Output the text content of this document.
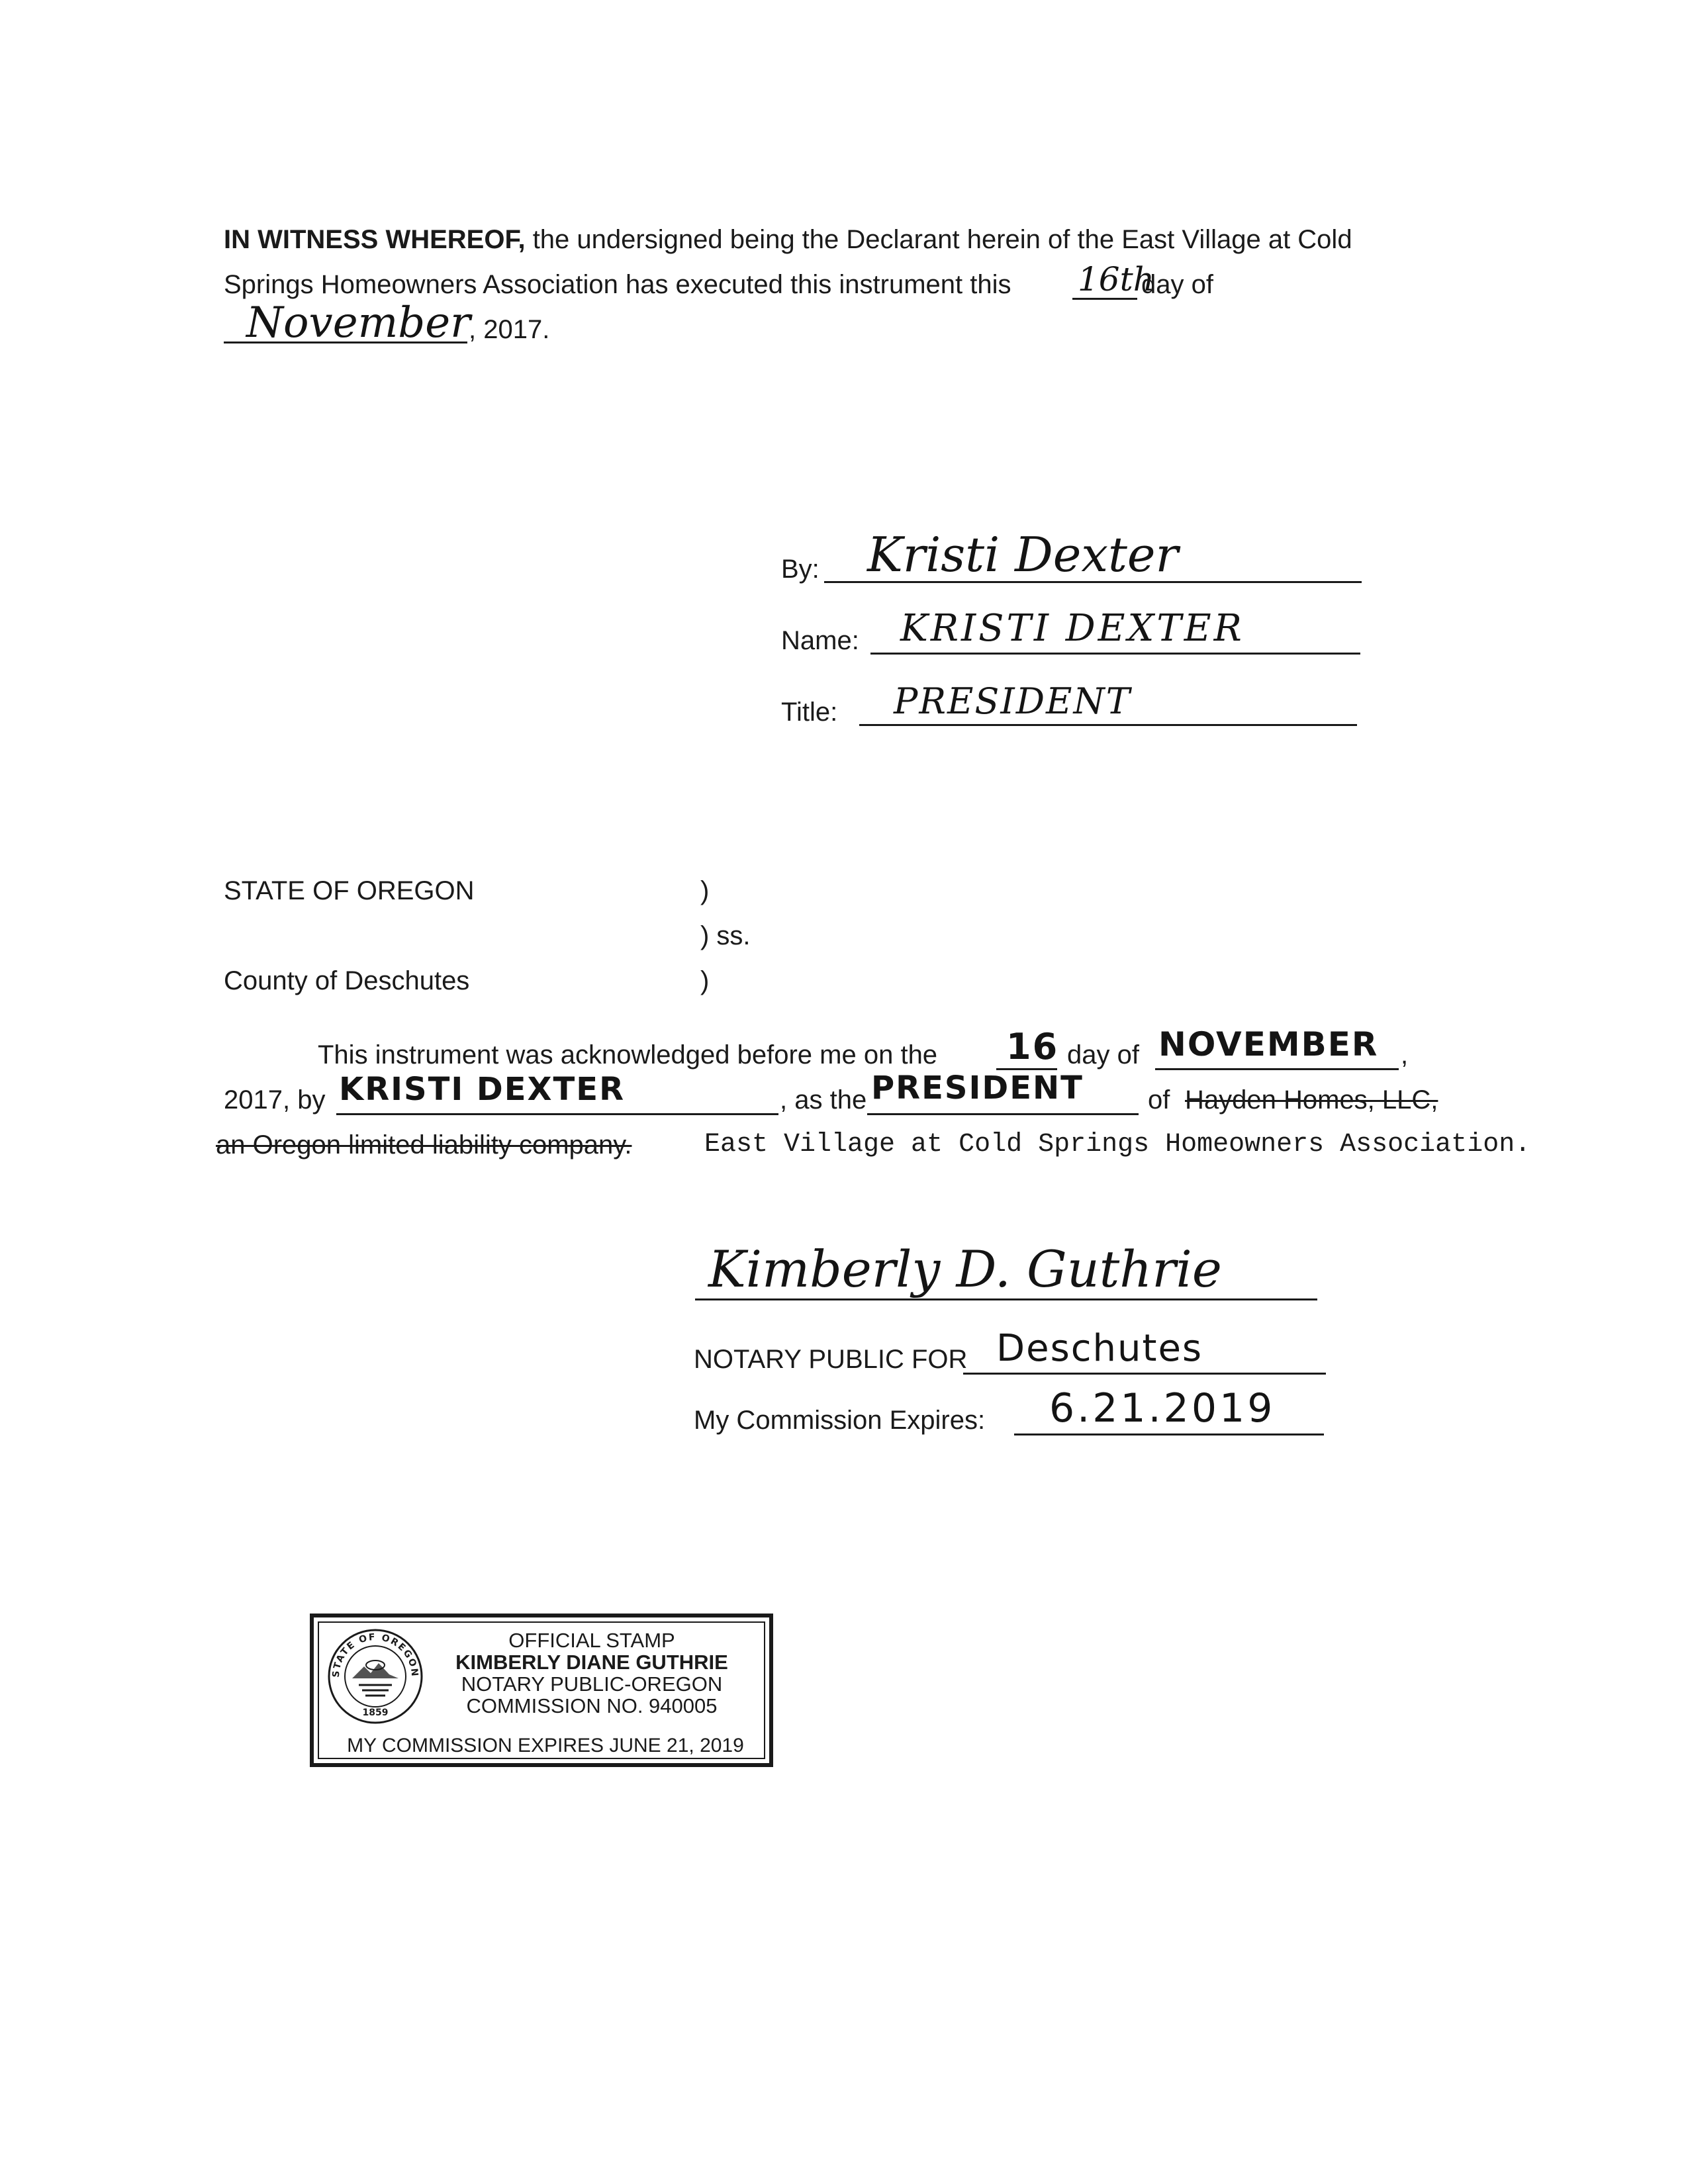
IN WITNESS WHEREOF, the undersigned being the Declarant herein of the East Village at Cold
Springs Homeowners Association has executed this instrument this 16th
day of
November
, 2017.
By: Kristi Dexter
Name: KRISTI DEXTER
Title: PRESIDENT
STATE OF OREGON	)
) ss.
County of Deschutes	)
This instrument was acknowledged before me on the 16 day of NOVEMBER ,
2017, by KRISTI DEXTER	, as the PRESIDENT of Hayden Homes, LLC,
an Oregon limited liability company.	East Village at Cold Springs Homeowners Association.
Kimberly D. Guthrie
NOTARY PUBLIC FOR Deschutes
My Commission Expires: 6.21.2019
STATE OF OREGON
1859
OFFICIAL STAMP
KIMBERLY DIANE GUTHRIE
NOTARY PUBLIC-OREGON
COMMISSION NO. 940005
MY COMMISSION EXPIRES JUNE 21, 2019
